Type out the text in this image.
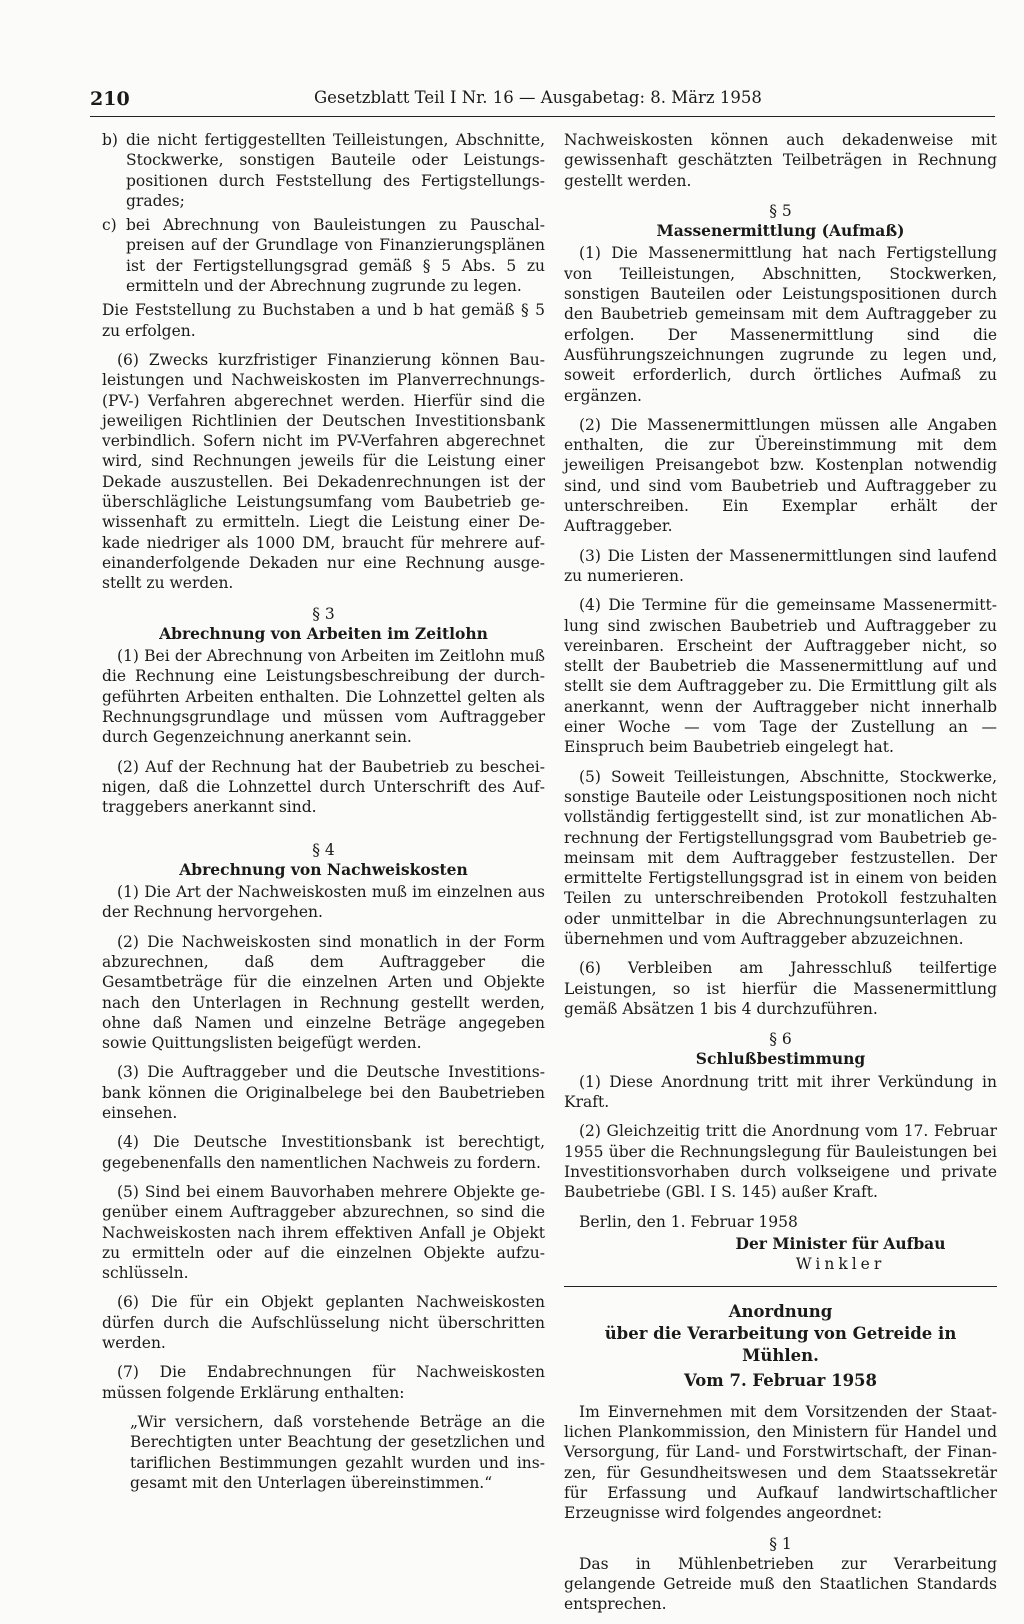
210	Gesetzblatt Teil I Nr. 16 — Ausgabetag: 8. März 1958
b) die nicht fertiggestellten Teilleistungen, Abschnitte, Stockwerke, sonstigen Bauteile oder Leistungspositionen durch Feststellung des Fertigstellungsgrades;
c) bei Abrechnung von Bauleistungen zu Pauschalpreisen auf der Grundlage von Finanzierungsplänen ist der Fertigstellungsgrad gemäß § 5 Abs. 5 zu ermitteln und der Abrechnung zugrunde zu legen.

Die Feststellung zu Buchstaben a und b hat gemäß § 5 zu erfolgen.

(6) Zwecks kurzfristiger Finanzierung können Bauleistungen und Nachweiskosten im Planverrechnungs-(PV-) Verfahren abgerechnet werden. Hierfür sind die jeweiligen Richtlinien der Deutschen Investitionsbank verbindlich. Sofern nicht im PV-Verfahren abgerechnet wird, sind Rechnungen jeweils für die Leistung einer Dekade auszustellen. Bei Dekadenrechnungen ist der überschlägliche Leistungsumfang vom Baubetrieb gewissenhaft zu ermitteln. Liegt die Leistung einer Dekade niedriger als 1000 DM, braucht für mehrere aufeinanderfolgende Dekaden nur eine Rechnung ausgestellt zu werden.

§ 3
Abrechnung von Arbeiten im Zeitlohn

(1) Bei der Abrechnung von Arbeiten im Zeitlohn muß die Rechnung eine Leistungsbeschreibung der durchgeführten Arbeiten enthalten. Die Lohnzettel gelten als Rechnungsgrundlage und müssen vom Auftraggeber durch Gegenzeichnung anerkannt sein.

(2) Auf der Rechnung hat der Baubetrieb zu bescheinigen, daß die Lohnzettel durch Unterschrift des Auftraggebers anerkannt sind.

§ 4
Abrechnung von Nachweiskosten

(1) Die Art der Nachweiskosten muß im einzelnen aus der Rechnung hervorgehen.

(2) Die Nachweiskosten sind monatlich in der Form abzurechnen, daß dem Auftraggeber die Gesamtbeträge für die einzelnen Arten und Objekte nach den Unterlagen in Rechnung gestellt werden, ohne daß Namen und einzelne Beträge angegeben sowie Quittungslisten beigefügt werden.

(3) Die Auftraggeber und die Deutsche Investitionsbank können die Originalbelege bei den Baubetrieben einsehen.

(4) Die Deutsche Investitionsbank ist berechtigt, gegebenenfalls den namentlichen Nachweis zu fordern.

(5) Sind bei einem Bauvorhaben mehrere Objekte gegenüber einem Auftraggeber abzurechnen, so sind die Nachweiskosten nach ihrem effektiven Anfall je Objekt zu ermitteln oder auf die einzelnen Objekte aufzuschlüsseln.

(6) Die für ein Objekt geplanten Nachweiskosten dürfen durch die Aufschlüsselung nicht überschritten werden.

(7) Die Endabrechnungen für Nachweiskosten müssen folgende Erklärung enthalten:

„Wir versichern, daß vorstehende Beträge an die Berechtigten unter Beachtung der gesetzlichen und tariflichen Bestimmungen gezahlt wurden und insgesamt mit den Unterlagen übereinstimmen.“

Nachweiskosten können auch dekadenweise mit gewissenhaft geschätzten Teilbeträgen in Rechnung gestellt werden.

§ 5
Massenermittlung (Aufmaß)

(1) Die Massenermittlung hat nach Fertigstellung von Teilleistungen, Abschnitten, Stockwerken, sonstigen Bauteilen oder Leistungspositionen durch den Baubetrieb gemeinsam mit dem Auftraggeber zu erfolgen. Der Massenermittlung sind die Ausführungszeichnungen zugrunde zu legen und, soweit erforderlich, durch örtliches Aufmaß zu ergänzen.

(2) Die Massenermittlungen müssen alle Angaben enthalten, die zur Übereinstimmung mit dem jeweiligen Preisangebot bzw. Kostenplan notwendig sind, und sind vom Baubetrieb und Auftraggeber zu unterschreiben. Ein Exemplar erhält der Auftraggeber.

(3) Die Listen der Massenermittlungen sind laufend zu numerieren.

(4) Die Termine für die gemeinsame Massenermittlung sind zwischen Baubetrieb und Auftraggeber zu vereinbaren. Erscheint der Auftraggeber nicht, so stellt der Baubetrieb die Massenermittlung auf und stellt sie dem Auftraggeber zu. Die Ermittlung gilt als anerkannt, wenn der Auftraggeber nicht innerhalb einer Woche — vom Tage der Zustellung an — Einspruch beim Baubetrieb eingelegt hat.

(5) Soweit Teilleistungen, Abschnitte, Stockwerke, sonstige Bauteile oder Leistungspositionen noch nicht vollständig fertiggestellt sind, ist zur monatlichen Abrechnung der Fertigstellungsgrad vom Baubetrieb gemeinsam mit dem Auftraggeber festzustellen. Der ermittelte Fertigstellungsgrad ist in einem von beiden Teilen zu unterschreibenden Protokoll festzuhalten oder unmittelbar in die Abrechnungsunterlagen zu übernehmen und vom Auftraggeber abzuzeichnen.

(6) Verbleiben am Jahresschluß teilfertige Leistungen, so ist hierfür die Massenermittlung gemäß Absätzen 1 bis 4 durchzuführen.

§ 6
Schlußbestimmung

(1) Diese Anordnung tritt mit ihrer Verkündung in Kraft.

(2) Gleichzeitig tritt die Anordnung vom 17. Februar 1955 über die Rechnungslegung für Bauleistungen bei Investitionsvorhaben durch volkseigene und private Baubetriebe (GBl. I S. 145) außer Kraft.

Berlin, den 1. Februar 1958

Der Minister für Aufbau
Winkler
Anordnung
über die Verarbeitung von Getreide in Mühlen.
Vom 7. Februar 1958

Im Einvernehmen mit dem Vorsitzenden der Staatlichen Plankommission, den Ministern für Handel und Versorgung, für Land- und Forstwirtschaft, der Finanzen, für Gesundheitswesen und dem Staatssekretär für Erfassung und Aufkauf landwirtschaftlicher Erzeugnisse wird folgendes angeordnet:

§ 1

Das in Mühlenbetrieben zur Verarbeitung gelangende Getreide muß den Staatlichen Standards entsprechen.
